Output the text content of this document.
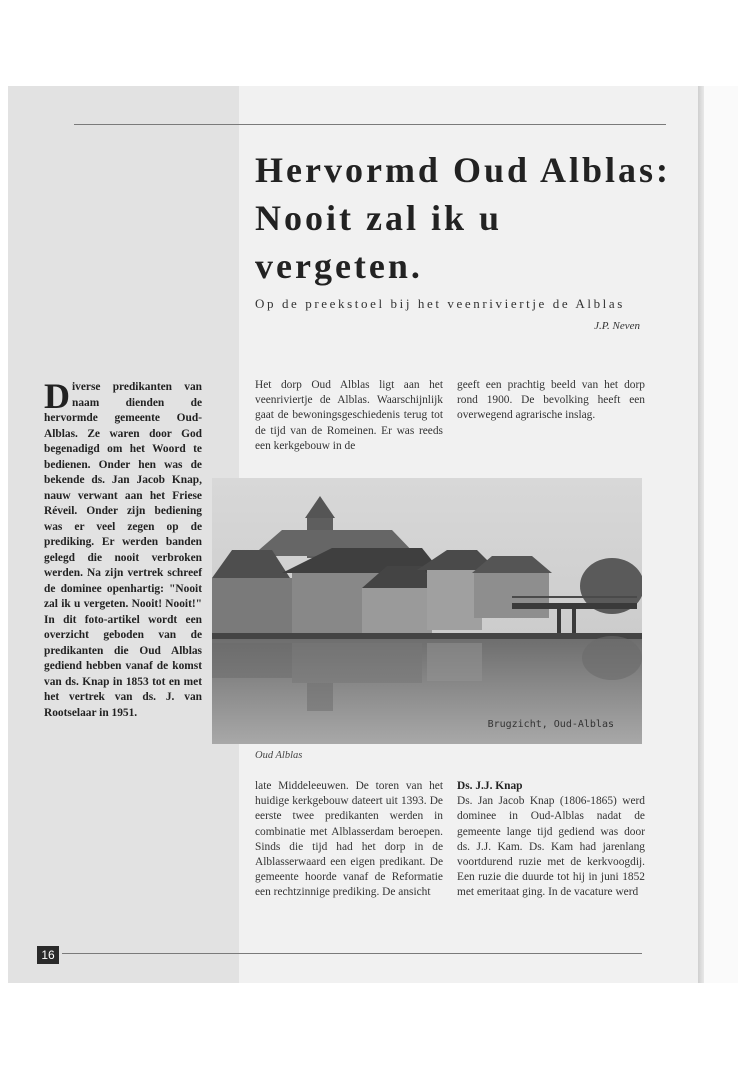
Hervormd Oud Alblas: Nooit zal ik u vergeten.
Op de preekstoel bij het veenriviertje de Alblas
J.P. Neven

Diverse predikanten van naam dienden de hervormde gemeente Oud-Alblas. Ze waren door God begenadigd om het Woord te bedienen. Onder hen was de bekende ds. Jan Jacob Knap, nauw verwant aan het Friese Réveil. Onder zijn bediening was er veel zegen op de prediking. Er werden banden gelegd die nooit verbroken werden. Na zijn vertrek schreef de dominee openhartig: "Nooit zal ik u vergeten. Nooit! Nooit!" In dit foto-artikel wordt een overzicht geboden van de predikanten die Oud Alblas gediend hebben vanaf de komst van ds. Knap in 1853 tot en met het vertrek van ds. J. van Rootselaar in 1951.

Het dorp Oud Alblas ligt aan het veenriviertje de Alblas. Waarschijnlijk gaat de bewoningsgeschiedenis terug tot de tijd van de Romeinen. Er was reeds een kerkgebouw in de

geeft een prachtig beeld van het dorp rond 1900. De bevolking heeft een overwegend agrarische inslag.

Brugzicht, Oud-Alblas
Oud Alblas

late Middeleeuwen. De toren van het huidige kerkgebouw dateert uit 1393. De eerste twee predikanten werden in combinatie met Alblasserdam beroepen. Sinds die tijd had het dorp in de Alblasserwaard een eigen predikant. De gemeente hoorde vanaf de Reformatie een rechtzinnige prediking. De ansicht

Ds. J.J. Knap
Ds. Jan Jacob Knap (1806-1865) werd dominee in Oud-Alblas nadat de gemeente lange tijd gediend was door ds. J.J. Kam. Ds. Kam had jarenlang voortdurend ruzie met de kerkvoogdij. Een ruzie die duurde tot hij in juni 1852 met emeritaat ging. In de vacature werd
16
